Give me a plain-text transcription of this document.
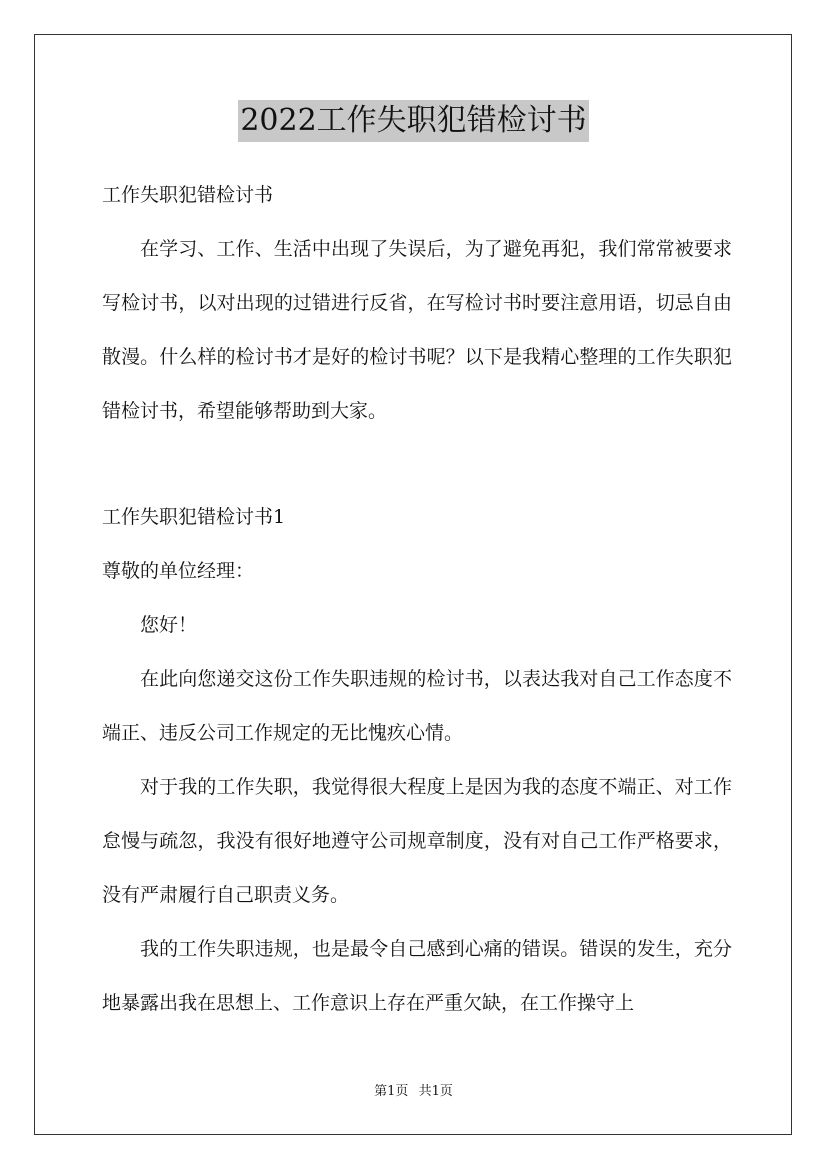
2022工作失职犯错检讨书
工作失职犯错检讨书

在学习、工作、生活中出现了失误后，为了避免再犯，我们常常被要求写检讨书，以对出现的过错进行反省，在写检讨书时要注意用语，切忌自由散漫。什么样的检讨书才是好的检讨书呢？以下是我精心整理的工作失职犯错检讨书，希望能够帮助到大家。

工作失职犯错检讨书1
尊敬的单位经理：
您好！

在此向您递交这份工作失职违规的检讨书，以表达我对自己工作态度不端正、违反公司工作规定的无比愧疚心情。

对于我的工作失职，我觉得很大程度上是因为我的态度不端正、对工作怠慢与疏忽，我没有很好地遵守公司规章制度，没有对自己工作严格要求，没有严肃履行自己职责义务。

我的工作失职违规，也是最令自己感到心痛的错误。错误的发生，充分地暴露出我在思想上、工作意识上存在严重欠缺，在工作操守上

第1页 共1页
